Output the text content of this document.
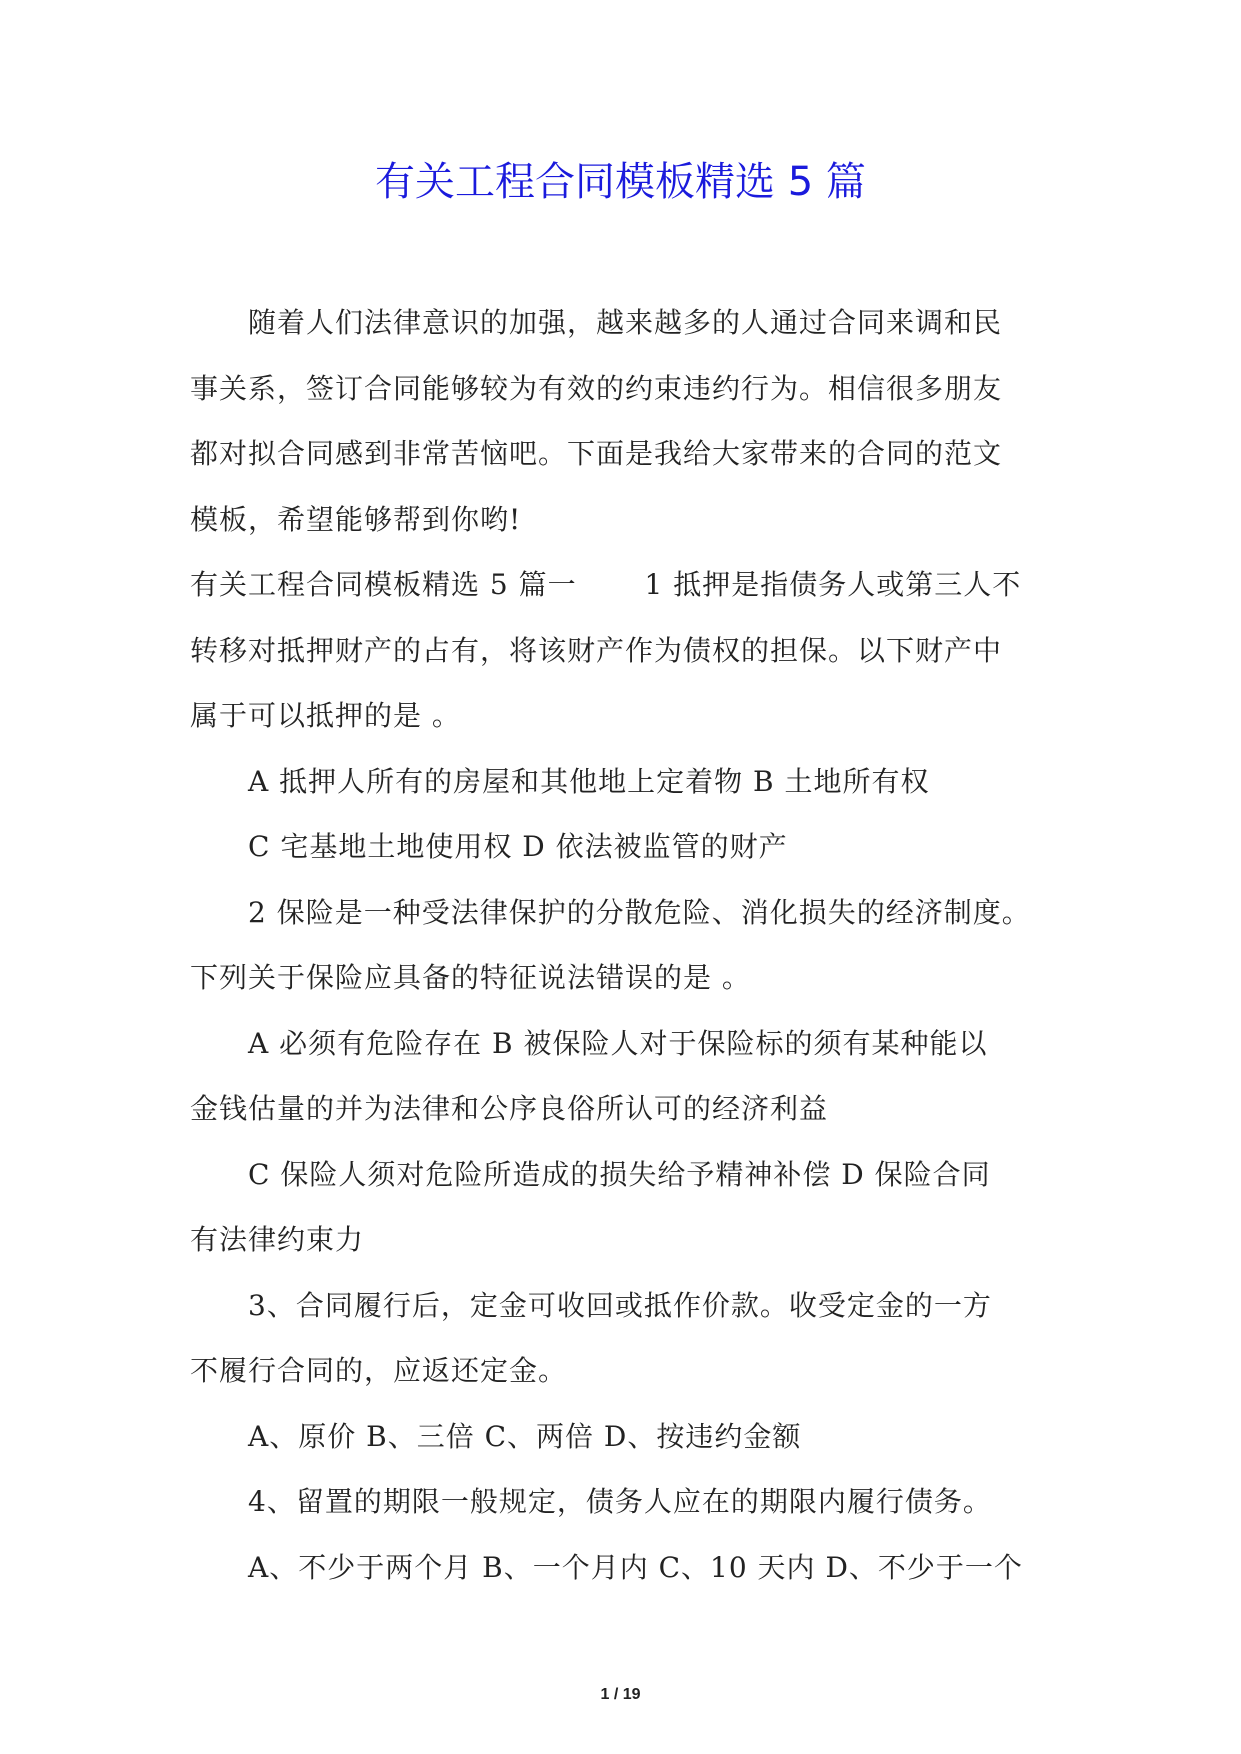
有关工程合同模板精选 5 篇

随着人们法律意识的加强，越来越多的人通过合同来调和民

事关系，签订合同能够较为有效的约束违约行为。相信很多朋友

都对拟合同感到非常苦恼吧。下面是我给大家带来的合同的范文

模板，希望能够帮到你哟!

有关工程合同模板精选 5 篇一　　 1 抵押是指债务人或第三人不

转移对抵押财产的占有，将该财产作为债权的担保。以下财产中

属于可以抵押的是 。

A 抵押人所有的房屋和其他地上定着物 B 土地所有权

C 宅基地土地使用权 D 依法被监管的财产

2 保险是一种受法律保护的分散危险、消化损失的经济制度。

下列关于保险应具备的特征说法错误的是 。

A 必须有危险存在 B 被保险人对于保险标的须有某种能以

金钱估量的并为法律和公序良俗所认可的经济利益

C 保险人须对危险所造成的损失给予精神补偿 D 保险合同

有法律约束力

3、合同履行后，定金可收回或抵作价款。收受定金的一方

不履行合同的，应返还定金。

A、原价 B、三倍 C、两倍 D、按违约金额

4、留置的期限一般规定，债务人应在的期限内履行债务。

A、不少于两个月 B、一个月内 C、10 天内 D、不少于一个

1 / 19
